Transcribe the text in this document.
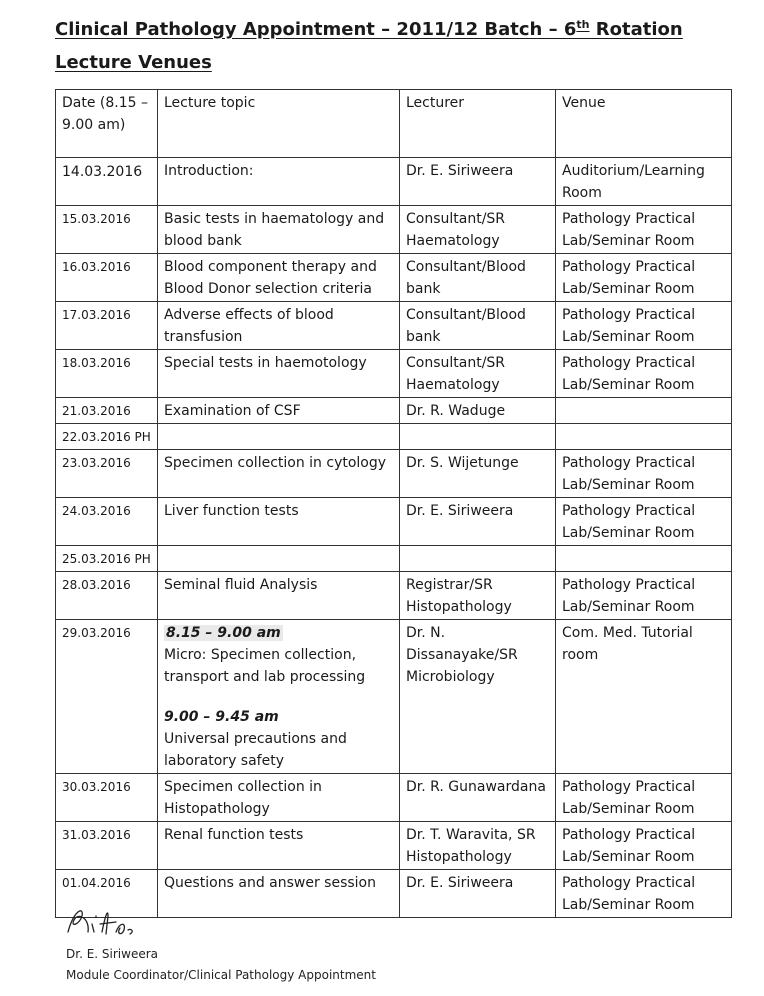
Clinical Pathology Appointment – 2011/12 Batch – 6th Rotation
Lecture Venues
Date (8.15 – 9.00 am)	Lecture topic	Lecturer	Venue
14.03.2016	Introduction:	Dr. E. Siriweera	Auditorium/Learning Room
15.03.2016	Basic tests in haematology and blood bank	Consultant/SR Haematology	Pathology Practical Lab/Seminar Room
16.03.2016	Blood component therapy and Blood Donor selection criteria	Consultant/Blood bank	Pathology Practical Lab/Seminar Room
17.03.2016	Adverse effects of blood transfusion	Consultant/Blood bank	Pathology Practical Lab/Seminar Room
18.03.2016	Special tests in haemotology	Consultant/SR Haematology	Pathology Practical Lab/Seminar Room
21.03.2016	Examination of CSF	Dr. R. Waduge	
22.03.2016 PH			
23.03.2016	Specimen collection in cytology	Dr. S. Wijetunge	Pathology Practical Lab/Seminar Room
24.03.2016	Liver function tests	Dr. E. Siriweera	Pathology Practical Lab/Seminar Room
25.03.2016 PH			
28.03.2016	Seminal fluid Analysis	Registrar/SR Histopathology	Pathology Practical Lab/Seminar Room
29.03.2016	8.15 – 9.00 am
Micro: Specimen collection, transport and lab processing
9.00 – 9.45 am
Universal precautions and laboratory safety	Dr. N. Dissanayake/SR Microbiology	Com. Med. Tutorial room
30.03.2016	Specimen collection in Histopathology	Dr. R. Gunawardana	Pathology Practical Lab/Seminar Room
31.03.2016	Renal function tests	Dr. T. Waravita, SR Histopathology	Pathology Practical Lab/Seminar Room
01.04.2016	Questions and answer session	Dr. E. Siriweera	Pathology Practical Lab/Seminar Room
Dr. E. Siriweera
Module Coordinator/Clinical Pathology Appointment
